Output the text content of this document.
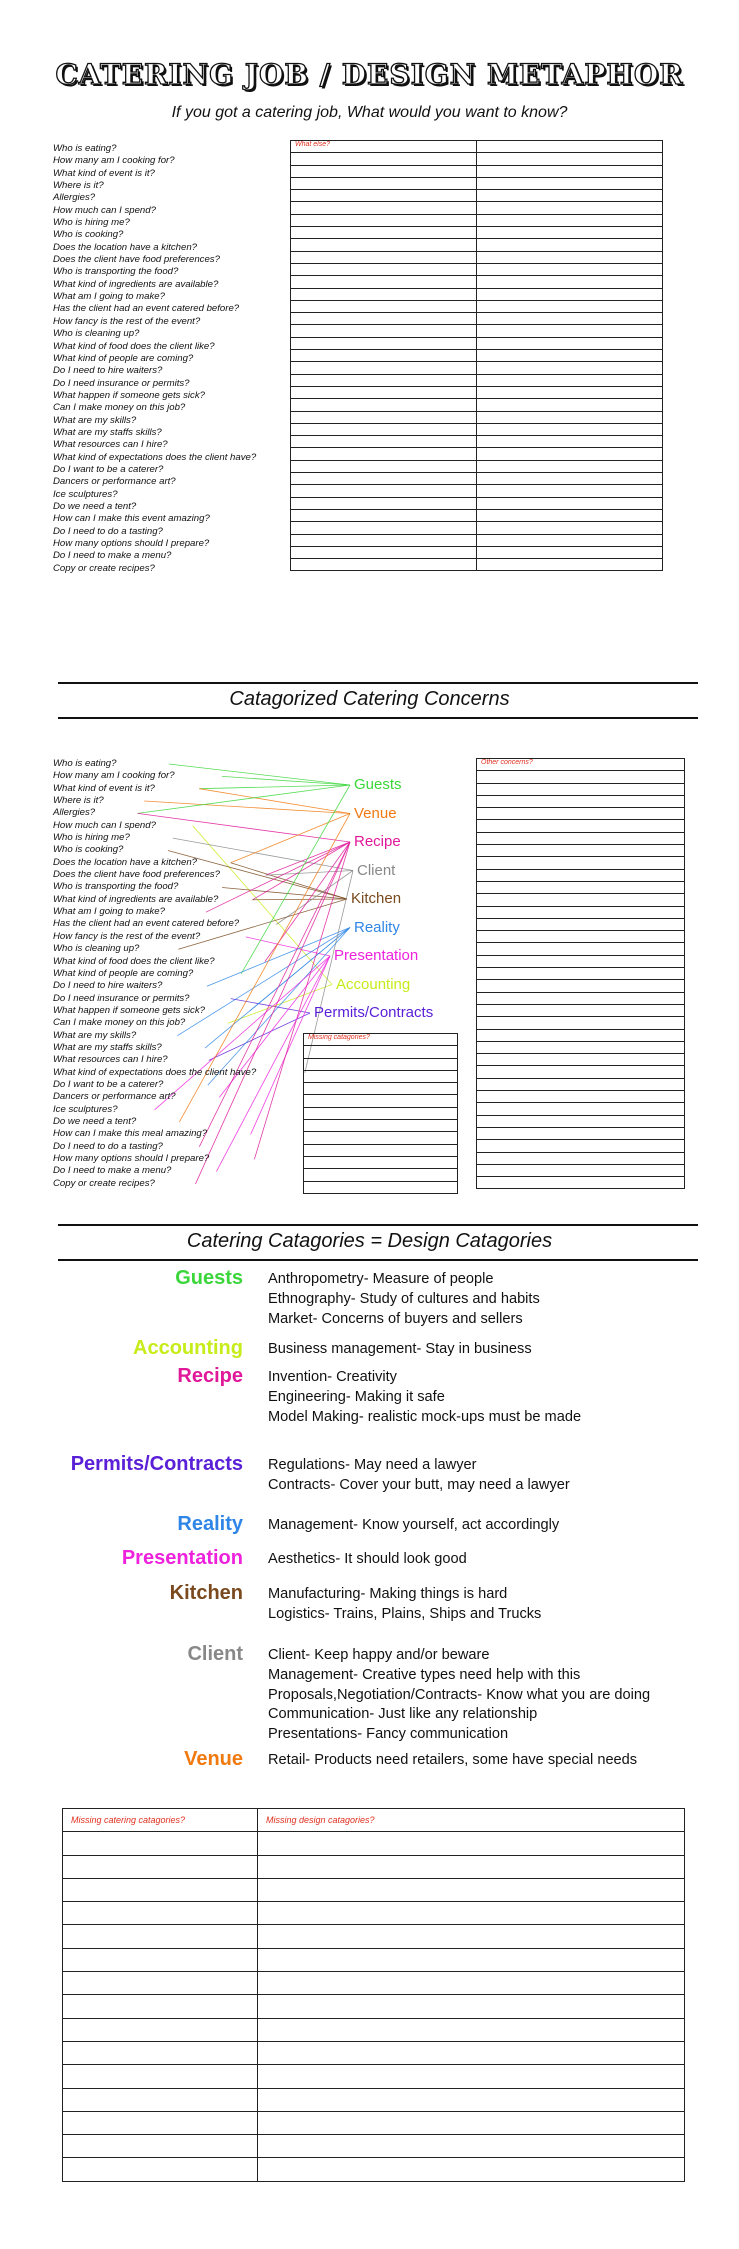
CATERING JOB / DESIGN METAPHOR
If you got a catering job, What would you want to know?
Who is eating?
How many am I cooking for?
What kind of event is it?
Where is it?
Allergies?
How much can I spend?
Who is hiring me?
Who is cooking?
Does the location have a kitchen?
Does the client have food preferences?
Who is transporting the food?
What kind of ingredients are available?
What am I going to make?
Has the client had an event catered before?
How fancy is the rest of the event?
Who is cleaning up?
What kind of food does the client like?
What kind of people are coming?
Do I need to hire waiters?
Do I need insurance or permits?
What happen if someone gets sick?
Can I make money on this job?
What are my skills?
What are my staffs skills?
What resources can I hire?
What kind of expectations does the client have?
Do I want to be a caterer?
Dancers or performance art?
Ice sculptures?
Do we need a tent?
How can I make this event amazing?
Do I need to do a tasting?
How many options should I prepare?
Do I need to make a menu?
Copy or create recipes?
What else?	

Catagorized Catering Concerns
Who is eating?
How many am I cooking for?
What kind of event is it?
Where is it?
Allergies?
How much can I spend?
Who is hiring me?
Who is cooking?
Does the location have a kitchen?
Does the client have food preferences?
Who is transporting the food?
What kind of ingredients are available?
What am I going to make?
Has the client had an event catered before?
How fancy is the rest of the event?
Who is cleaning up?
What kind of food does the client like?
What kind of people are coming?
Do I need to hire waiters?
Do I need insurance or permits?
What happen if someone gets sick?
Can I make money on this job?
What are my skills?
What are my staffs skills?
What resources can I hire?
What kind of expectations does the client have?
Do I want to be a caterer?
Dancers or performance art?
Ice sculptures?
Do we need a tent?
How can I make this meal amazing?
Do I need to do a tasting?
How many options should I prepare?
Do I need to make a menu?
Copy or create recipes?
Guests
Venue
Recipe
Client
Kitchen
Reality
Presentation
Accounting
Permits/Contracts
Missing catagories?

Other concerns?

Catering Catagories = Design Catagories
Guests Anthropometry- Measure of people
Ethnography- Study of cultures and habits
Market- Concerns of buyers and sellers
Accounting Business management- Stay in business
Recipe Invention- Creativity
Engineering- Making it safe
Model Making- realistic mock-ups must be made
Permits/Contracts Regulations- May need a lawyer
Contracts- Cover your butt, may need a lawyer
Reality Management- Know yourself, act accordingly
Presentation Aesthetics- It should look good
Kitchen Manufacturing- Making things is hard
Logistics- Trains, Plains, Ships and Trucks
Client Client- Keep happy and/or beware
Management- Creative types need help with this
Proposals,Negotiation/Contracts- Know what you are doing
Communication- Just like any relationship
Presentations- Fancy communication
Venue Retail- Products need retailers, some have special needs
Missing catering catagories?	Missing design catagories?
